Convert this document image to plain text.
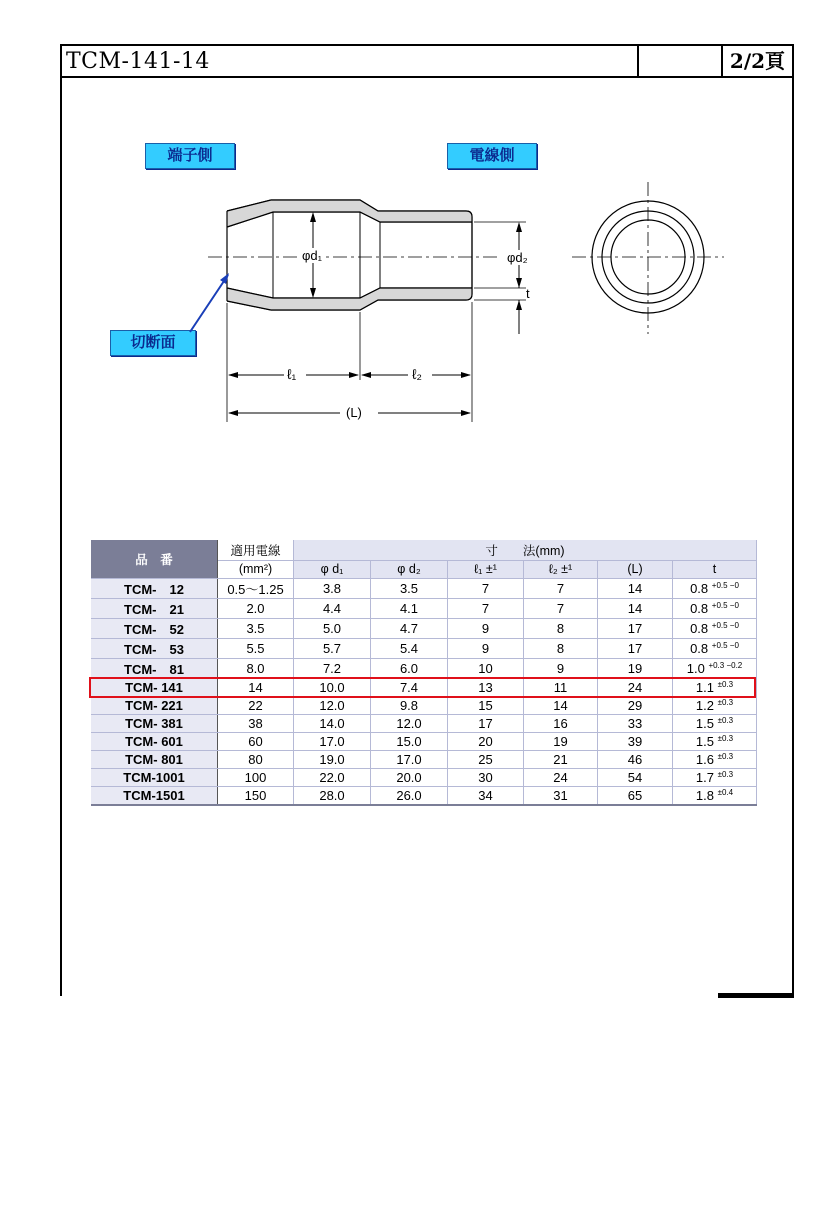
TCM-141-14	2/2頁
端子側	電線側
切断面
φd₁	φd₂
t
ℓ₁	ℓ₂
(L)
品　番	適用電線	寸　　法(mm)					
	(mm²)	φ d₁	φ d₂	ℓ₁ ±¹	ℓ₂ ±¹	(L)	t
TCM-　12	0.5～1.25	3.8	3.5	7	7	14	0.8 $^{+0.5 -0}$
TCM-　21	2.0	4.4	4.1	7	7	14	0.8 $^{+0.5 -0}$
TCM-　52	3.5	5.0	4.7	9	8	17	0.8 $^{+0.5 -0}$
TCM-　53	5.5	5.7	5.4	9	8	17	0.8 $^{+0.5 -0}$
TCM-　81	8.0	7.2	6.0	10	9	19	1.0 $^{+0.3 -0.2}$
TCM- 141	14	10.0	7.4	13	11	24	1.1 $^{\pm 0.3}$
TCM- 221	22	12.0	9.8	15	14	29	1.2 $^{\pm 0.3}$
TCM- 381	38	14.0	12.0	17	16	33	1.5 $^{\pm 0.3}$
TCM- 601	60	17.0	15.0	20	19	39	1.5 $^{\pm 0.3}$
TCM- 801	80	19.0	17.0	25	21	46	1.6 $^{\pm 0.3}$
TCM-1001	100	22.0	20.0	30	24	54	1.7 $^{\pm 0.3}$
TCM-1501	150	28.0	26.0	34	31	65	1.8 $^{\pm 0.4}$
